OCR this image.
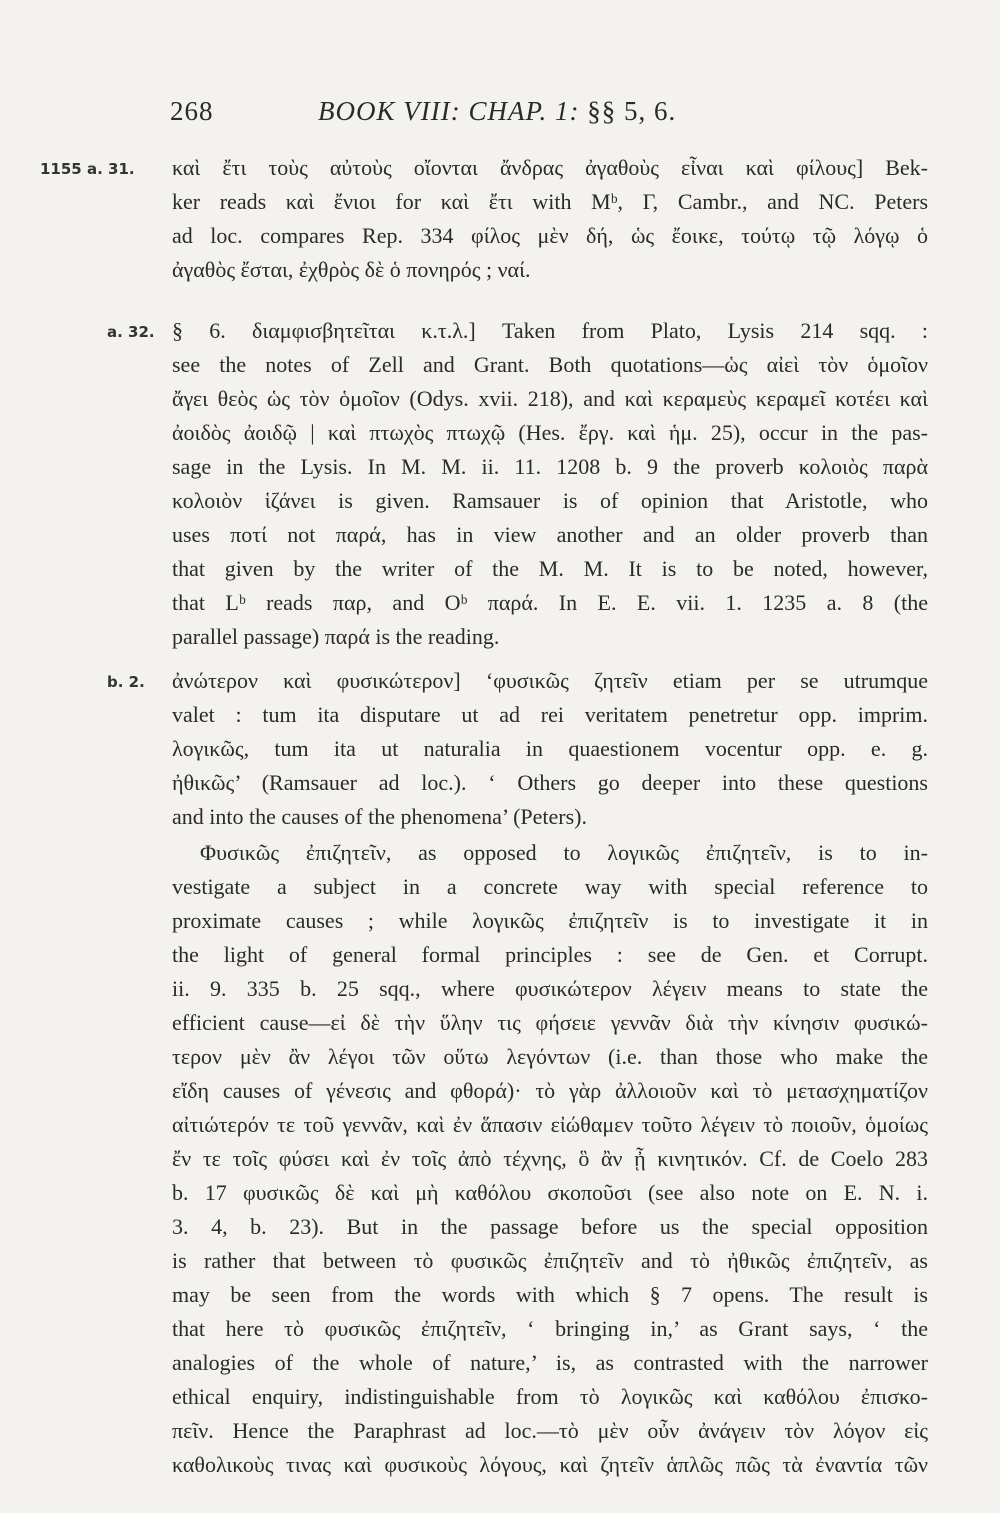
268	BOOK VIII: CHAP. 1: §§ 5, 6.
1155 a. 31. καὶ ἔτι τοὺς αὐτοὺς οἴονται ἄνδρας ἀγαθοὺς εἶναι καὶ φίλους] Bek-
ker reads καὶ ἔνιοι for καὶ ἔτι with Mᵇ, Γ, Cambr., and NC. Peters
ad loc. compares Rep. 334 φίλος μὲν δή, ὡς ἔοικε, τούτῳ τῷ λόγῳ ὁ
ἀγαθὸς ἔσται, ἐχθρὸς δὲ ὁ πονηρός ; ναί.
a. 32. § 6. διαμφισβητεῖται κ.τ.λ.] Taken from Plato, Lysis 214 sqq. :
see the notes of Zell and Grant. Both quotations—ὡς αἰεὶ τὸν ὁμοῖον
ἄγει θεὸς ὡς τὸν ὁμοῖον (Odys. xvii. 218), and καὶ κεραμεὺς κεραμεῖ κοτέει καὶ
ἀοιδὸς ἀοιδῷ | καὶ πτωχὸς πτωχῷ (Hes. ἔργ. καὶ ἡμ. 25), occur in the pas-
sage in the Lysis. In M. M. ii. 11. 1208 b. 9 the proverb κολοιὸς παρὰ
κολοιὸν ἱζάνει is given. Ramsauer is of opinion that Aristotle, who
uses ποτί not παρά, has in view another and an older proverb than
that given by the writer of the M. M. It is to be noted, however,
that Lᵇ reads παρ, and Oᵇ παρά. In E. E. vii. 1. 1235 a. 8 (the
parallel passage) παρά is the reading.
b. 2.	ἀνώτερον καὶ φυσικώτερον] ‘φυσικῶς ζητεῖν etiam per se utrumque
valet : tum ita disputare ut ad rei veritatem penetretur opp. imprim.
λογικῶς, tum ita ut naturalia in quaestionem vocentur opp. e. g.
ἠθικῶς’ (Ramsauer ad loc.). ‘ Others go deeper into these questions
and into the causes of the phenomena’ (Peters).
Φυσικῶς ἐπιζητεῖν, as opposed to λογικῶς ἐπιζητεῖν, is to in-
vestigate a subject in a concrete way with special reference to
proximate causes ; while λογικῶς ἐπιζητεῖν is to investigate it in
the light of general formal principles : see de Gen. et Corrupt.
ii. 9. 335 b. 25 sqq., where φυσικώτερον λέγειν means to state the
efficient cause—εἰ δὲ τὴν ὕλην τις φήσειε γεννᾶν διὰ τὴν κίνησιν φυσικώ-
τερον μὲν ἂν λέγοι τῶν οὕτω λεγόντων (i.e. than those who make the
εἴδη causes of γένεσις and φθορά)· τὸ γὰρ ἀλλοιοῦν καὶ τὸ μετασχηματίζον
αἰτιώτερόν τε τοῦ γεννᾶν, καὶ ἐν ἅπασιν εἰώθαμεν τοῦτο λέγειν τὸ ποιοῦν, ὁμοίως
ἔν τε τοῖς φύσει καὶ ἐν τοῖς ἀπὸ τέχνης, ὃ ἂν ᾖ κινητικόν. Cf. de Coelo 283
b. 17 φυσικῶς δὲ καὶ μὴ καθόλου σκοποῦσι (see also note on E. N. i.
3. 4, b. 23). But in the passage before us the special opposition
is rather that between τὸ φυσικῶς ἐπιζητεῖν and τὸ ἠθικῶς ἐπιζητεῖν, as
may be seen from the words with which § 7 opens. The result is
that here τὸ φυσικῶς ἐπιζητεῖν, ‘ bringing in,’ as Grant says, ‘ the
analogies of the whole of nature,’ is, as contrasted with the narrower
ethical enquiry, indistinguishable from τὸ λογικῶς καὶ καθόλου ἐπισκο-
πεῖν. Hence the Paraphrast ad loc.—τὸ μὲν οὖν ἀνάγειν τὸν λόγον εἰς
καθολικοὺς τινας καὶ φυσικοὺς λόγους, καὶ ζητεῖν ἁπλῶς πῶς τὰ ἐναντία τῶν
